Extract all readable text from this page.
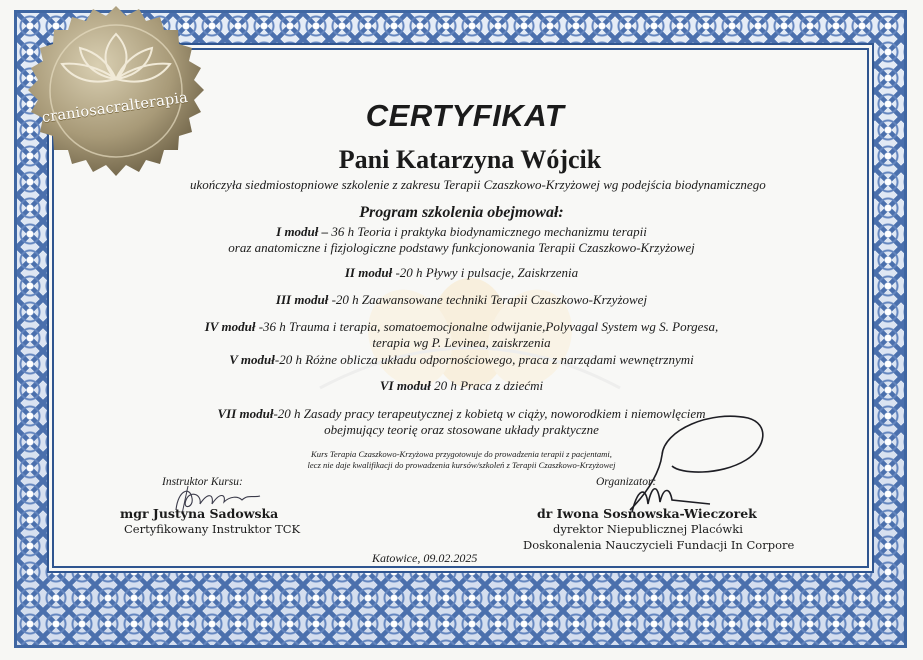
craniosacralterapia	CERTYFIKAT
Pani Katarzyna Wójcik
ukończyła siedmiostopniowe szkolenie z zakresu Terapii Czaszkowo-Krzyżowej wg podejścia biodynamicznego
Program szkolenia obejmował:
I moduł – 36 h Teoria i praktyka biodynamicznego mechanizmu terapii
oraz anatomiczne i fizjologiczne podstawy funkcjonowania Terapii Czaszkowo-Krzyżowej
II moduł -20 h Pływy i pulsacje, Zaiskrzenia
III moduł -20 h Zaawansowane techniki Terapii Czaszkowo-Krzyżowej
IV moduł -36 h Trauma i terapia, somatoemocjonalne odwijanie,Polyvagal System wg S. Porgesa,
terapia wg P. Levinea, zaiskrzenia
V moduł-20 h Różne oblicza układu odpornościowego, praca z narządami wewnętrznymi
VI moduł 20 h Praca z dziećmi
VII moduł-20 h Zasady pracy terapeutycznej z kobietą w ciąży, noworodkiem i niemowlęciem
obejmujący teorię oraz stosowane układy praktyczne
Kurs Terapia Czaszkowo-Krzyżowa przygotowuje do prowadzenia terapii z pacjentami,
lecz nie daje kwalifikacji do prowadzenia kursów/szkoleń z Terapii Czaszkowo-Krzyżowej
Instruktor Kursu:
mgr Justyna Sadowska
Certyfikowany Instruktor TCK
Organizator:
dr Iwona Sosnowska-Wieczorek
dyrektor Niepublicznej Placówki
Doskonalenia Nauczycieli Fundacji In Corpore
Katowice, 09.02.2025
